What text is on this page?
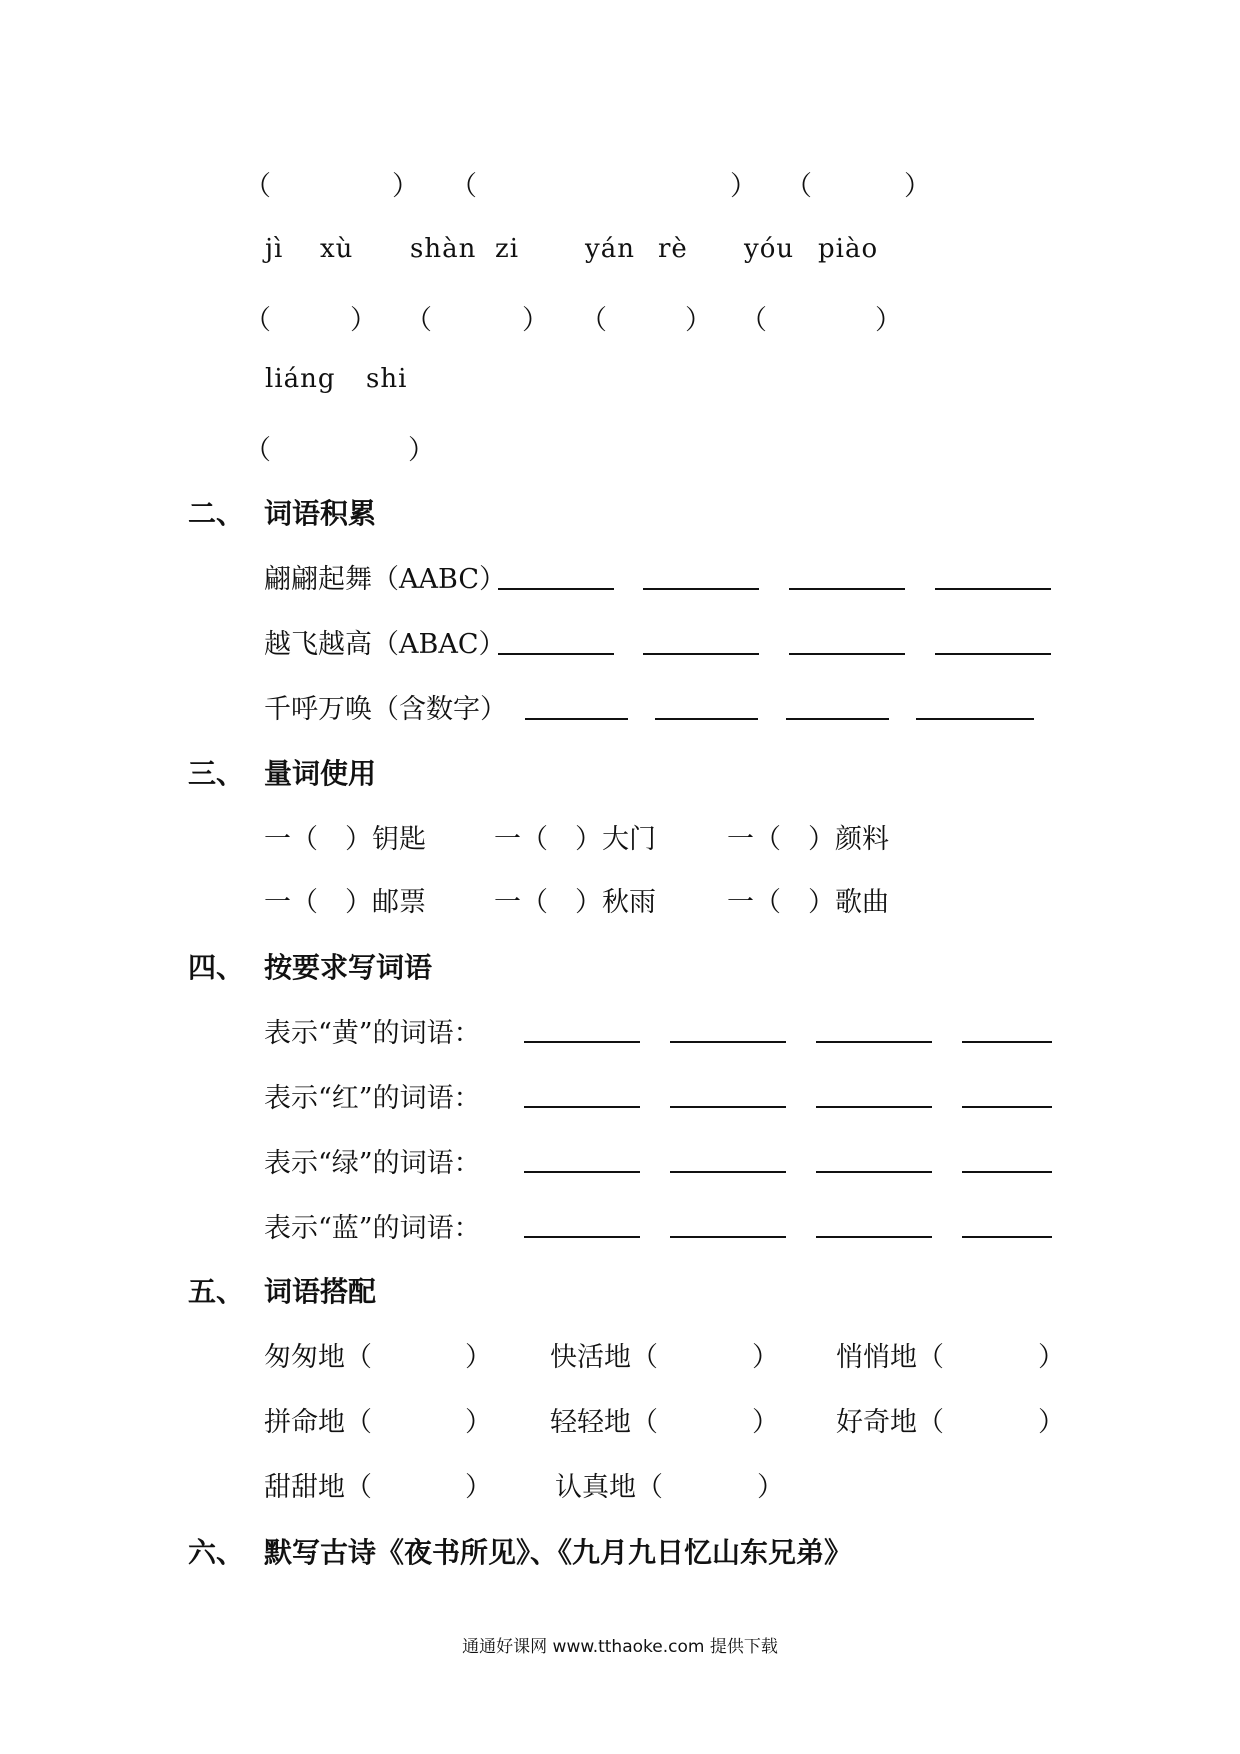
（	） （	） （	）
jì xù shàn zi	yán rè yóu piào
（	） （	） （	） （	）
liáng shi
（	）
二、 词语积累
翩翩起舞（AABC）
越飞越高（ABAC）
千呼万唤（含数字）
三、 量词使用
一（　）钥匙	一（　）大门	一（　）颜料
一（　）邮票	一（　）秋雨	一（　）歌曲
四、 按要求写词语
表示“黄”的词语：
表示“红”的词语：
表示“绿”的词语：
表示“蓝”的词语：
五、 词语搭配
匆匆地（	） 快活地（	） 悄悄地（	）
拼命地（	） 轻轻地（	） 好奇地（	）
甜甜地（	） 认真地（	）
六、 默写古诗《夜书所见》、《九月九日忆山东兄弟》
通通好课网 www.tthaoke.com 提供下载
